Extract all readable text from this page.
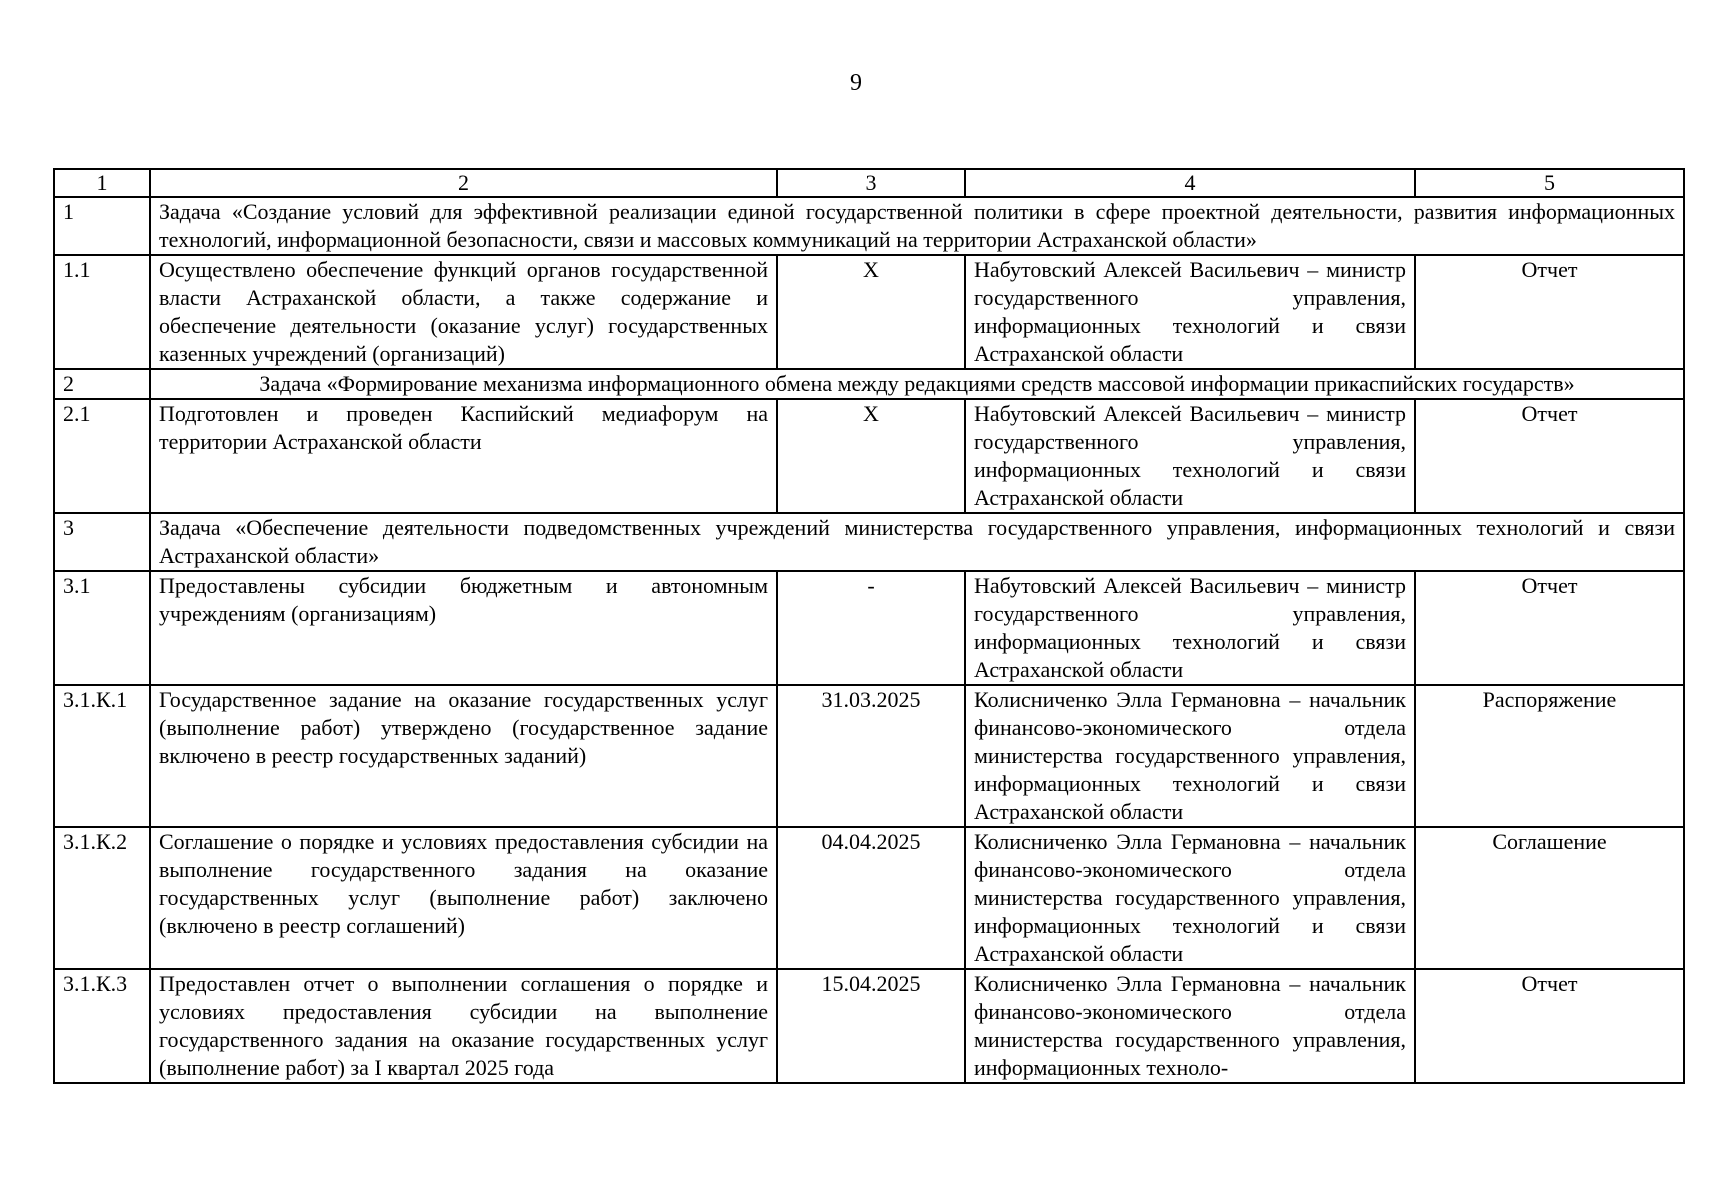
9
1	2	3	4	5
1	Задача «Создание условий для эффективной реализации единой государственной политики в сфере проектной деятельности, развития информационных технологий, информационной безопасности, связи и массовых коммуникаций на территории Астраханской области»			
1.1	Осуществлено обеспечение функций органов государственной власти Астраханской области, а также содержание и обеспечение деятельности (оказание услуг) государственных казенных учреждений (организаций)	X	Набутовский Алексей Васильевич – министр государственного управления, информационных технологий и связи Астраханской области	Отчет
2	Задача «Формирование механизма информационного обмена между редакциями средств массовой информации прикаспийских государств»			
2.1	Подготовлен и проведен Каспийский медиафорум на территории Астраханской области	X	Набутовский Алексей Васильевич – министр государственного управления, информационных технологий и связи Астраханской области	Отчет
3	Задача «Обеспечение деятельности подведомственных учреждений министерства государственного управления, информационных технологий и связи Астраханской области»			
3.1	Предоставлены субсидии бюджетным и автономным учреждениям (организациям)	-	Набутовский Алексей Васильевич – министр государственного управления, информационных технологий и связи Астраханской области	Отчет
3.1.К.1	Государственное задание на оказание государственных услуг (выполнение работ) утверждено (государственное задание включено в реестр государственных заданий)	31.03.2025	Колисниченко Элла Германовна – начальник финансово-экономического отдела министерства государственного управления, информационных технологий и связи Астраханской области	Распоряжение
3.1.К.2	Соглашение о порядке и условиях предоставления субсидии на выполнение государственного задания на оказание государственных услуг (выполнение работ) заключено (включено в реестр соглашений)	04.04.2025	Колисниченко Элла Германовна – начальник финансово-экономического отдела министерства государственного управления, информационных технологий и связи Астраханской области	Соглашение
3.1.К.3	Предоставлен отчет о выполнении соглашения о порядке и условиях предоставления субсидии на выполнение государственного задания на оказание государственных услуг (выполнение работ) за I квартал 2025 года	15.04.2025	Колисниченко Элла Германовна – начальник финансово-экономического отдела министерства государственного управления, информационных техноло-	Отчет
